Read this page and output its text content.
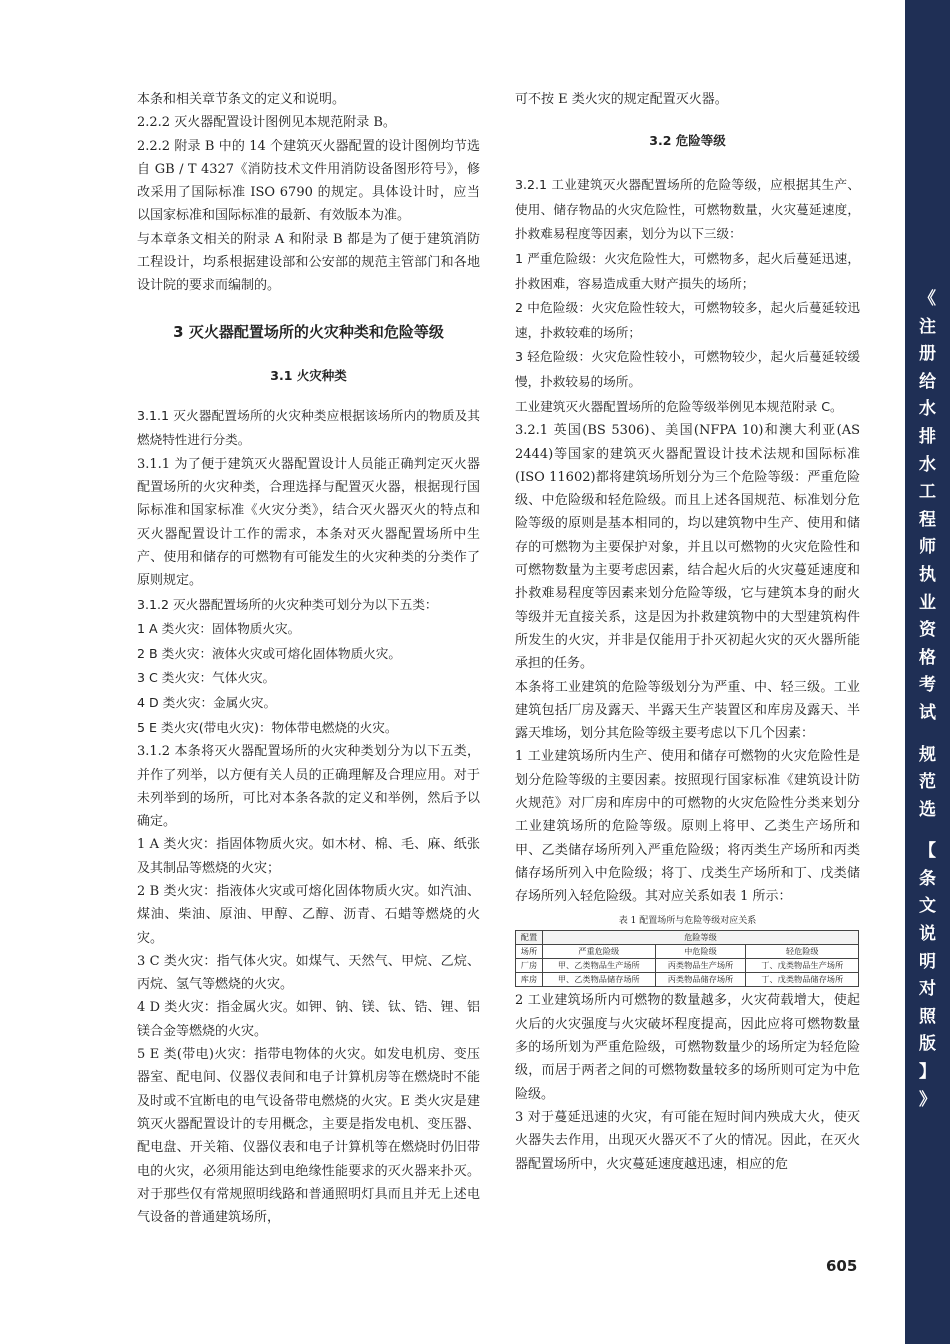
本条和相关章节条文的定义和说明。

2.2.2 灭火器配置设计图例见本规范附录 B。

2.2.2 附录 B 中的 14 个建筑灭火器配置的设计图例均节选自 GB / T 4327《消防技术文件用消防设备图形符号》，修改采用了国际标准 ISO 6790 的规定。具体设计时，应当以国家标准和国际标准的最新、有效版本为准。

与本章条文相关的附录 A 和附录 B 都是为了便于建筑消防工程设计，均系根据建设部和公安部的规范主管部门和各地设计院的要求而编制的。

3 灭火器配置场所的火灾种类和危险等级
3.1 火灾种类

3.1.1 灭火器配置场所的火灾种类应根据该场所内的物质及其燃烧特性进行分类。

3.1.1 为了便于建筑灭火器配置设计人员能正确判定灭火器配置场所的火灾种类，合理选择与配置灭火器，根据现行国际标准和国家标准《火灾分类》，结合灭火器灭火的特点和灭火器配置设计工作的需求，本条对灭火器配置场所中生产、使用和储存的可燃物有可能发生的火灾种类的分类作了原则规定。

3.1.2 灭火器配置场所的火灾种类可划分为以下五类：

1 A 类火灾：固体物质火灾。

2 B 类火灾：液体火灾或可熔化固体物质火灾。

3 C 类火灾：气体火灾。

4 D 类火灾：金属火灾。

5 E 类火灾(带电火灾)：物体带电燃烧的火灾。

3.1.2 本条将灭火器配置场所的火灾种类划分为以下五类，并作了列举，以方便有关人员的正确理解及合理应用。对于未列举到的场所，可比对本条各款的定义和举例，然后予以确定。

1 A 类火灾：指固体物质火灾。如木材、棉、毛、麻、纸张及其制品等燃烧的火灾；

2 B 类火灾：指液体火灾或可熔化固体物质火灾。如汽油、煤油、柴油、原油、甲醇、乙醇、沥青、石蜡等燃烧的火灾。

3 C 类火灾：指气体火灾。如煤气、天然气、甲烷、乙烷、丙烷、氢气等燃烧的火灾。

4 D 类火灾：指金属火灾。如钾、钠、镁、钛、锆、锂、铝镁合金等燃烧的火灾。

5 E 类(带电)火灾：指带电物体的火灾。如发电机房、变压器室、配电间、仪器仪表间和电子计算机房等在燃烧时不能及时或不宜断电的电气设备带电燃烧的火灾。E 类火灾是建筑灭火器配置设计的专用概念，主要是指发电机、变压器、配电盘、开关箱、仪器仪表和电子计算机等在燃烧时仍旧带电的火灾，必须用能达到电绝缘性能要求的灭火器来扑灭。对于那些仅有常规照明线路和普通照明灯具而且并无上述电气设备的普通建筑场所，

可不按 E 类火灾的规定配置灭火器。

3.2 危险等级

3.2.1 工业建筑灭火器配置场所的危险等级，应根据其生产、使用、储存物品的火灾危险性，可燃物数量，火灾蔓延速度，扑救难易程度等因素，划分为以下三级：

1 严重危险级：火灾危险性大，可燃物多，起火后蔓延迅速，扑救困难，容易造成重大财产损失的场所；

2 中危险级：火灾危险性较大，可燃物较多，起火后蔓延较迅速，扑救较难的场所；

3 轻危险级：火灾危险性较小，可燃物较少，起火后蔓延较缓慢，扑救较易的场所。

工业建筑灭火器配置场所的危险等级举例见本规范附录 C。

3.2.1 英国(BS 5306)、美国(NFPA 10)和澳大利亚(AS 2444)等国家的建筑灭火器配置设计技术法规和国际标准(ISO 11602)都将建筑场所划分为三个危险等级：严重危险级、中危险级和轻危险级。而且上述各国规范、标准划分危险等级的原则是基本相同的，均以建筑物中生产、使用和储存的可燃物为主要保护对象，并且以可燃物的火灾危险性和可燃物数量为主要考虑因素，结合起火后的火灾蔓延速度和扑救难易程度等因素来划分危险等级，它与建筑本身的耐火等级并无直接关系，这是因为扑救建筑物中的大型建筑构件所发生的火灾，并非是仅能用于扑灭初起火灾的灭火器所能承担的任务。

本条将工业建筑的危险等级划分为严重、中、轻三级。工业建筑包括厂房及露天、半露天生产装置区和库房及露天、半露天堆场，划分其危险等级主要考虑以下几个因素：

1 工业建筑场所内生产、使用和储存可燃物的火灾危险性是划分危险等级的主要因素。按照现行国家标准《建筑设计防火规范》对厂房和库房中的可燃物的火灾危险性分类来划分工业建筑场所的危险等级。原则上将甲、乙类生产场所和甲、乙类储存场所列入严重危险级；将丙类生产场所和丙类储存场所列入中危险级；将丁、戊类生产场所和丁、戊类储存场所列入轻危险级。其对应关系如表 1 所示：

表 1 配置场所与危险等级对应关系
配置	危险等级		
场所	严重危险级	中危险级	轻危险级
厂房	甲、乙类物品生产场所	丙类物品生产场所	丁、戊类物品生产场所
库房	甲、乙类物品储存场所	丙类物品储存场所	丁、戊类物品储存场所

2 工业建筑场所内可燃物的数量越多，火灾荷载增大，使起火后的火灾强度与火灾破坏程度提高，因此应将可燃物数量多的场所划为严重危险级，可燃物数量少的场所定为轻危险级，而居于两者之间的可燃物数量较多的场所则可定为中危险级。

3 对于蔓延迅速的火灾，有可能在短时间内殃成大火，使灭火器失去作用，出现灭火器灭不了火的情况。因此，在灭火器配置场所中，火灾蔓延速度越迅速，相应的危

605
《
注
册
给
水
排
水
工
程
师
执
业
资
格
考
试

规
范
选

【
条
文
说
明
对
照
版
】
》
